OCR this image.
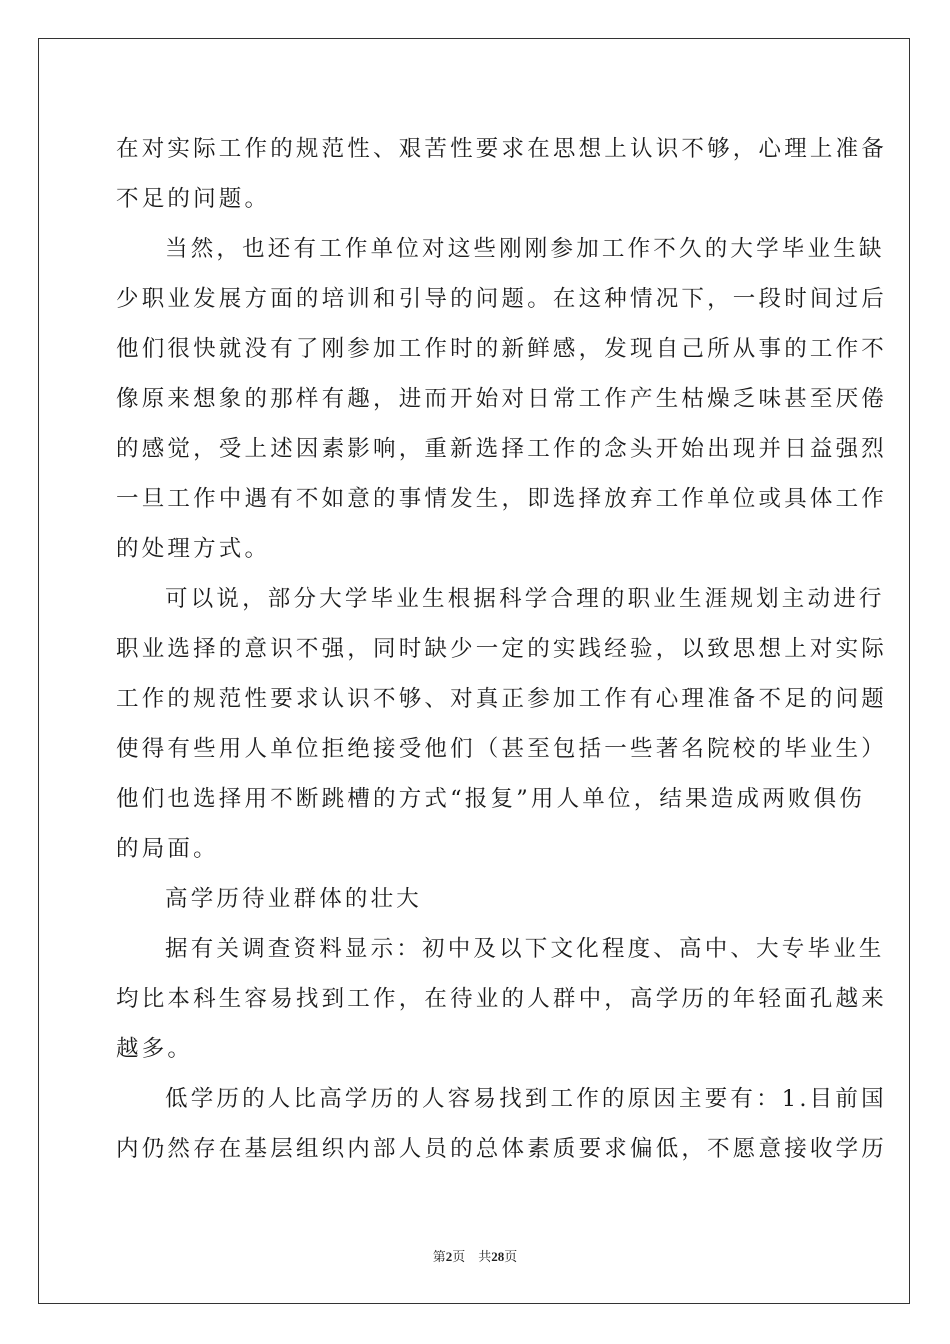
在对实际工作的规范性、艰苦性要求在思想上认识不够，心理上准备
不足的问题。
当然，也还有工作单位对这些刚刚参加工作不久的大学毕业生缺
少职业发展方面的培训和引导的问题。在这种情况下，一段时间过后
他们很快就没有了刚参加工作时的新鲜感，发现自己所从事的工作不
像原来想象的那样有趣，进而开始对日常工作产生枯燥乏味甚至厌倦
的感觉，受上述因素影响，重新选择工作的念头开始出现并日益强烈
一旦工作中遇有不如意的事情发生，即选择放弃工作单位或具体工作
的处理方式。
可以说，部分大学毕业生根据科学合理的职业生涯规划主动进行
职业选择的意识不强，同时缺少一定的实践经验，以致思想上对实际
工作的规范性要求认识不够、对真正参加工作有心理准备不足的问题
使得有些用人单位拒绝接受他们（甚至包括一些著名院校的毕业生）
他们也选择用不断跳槽的方式“报复”用人单位，结果造成两败俱伤
的局面。
高学历待业群体的壮大
据有关调查资料显示：初中及以下文化程度、高中、大专毕业生
均比本科生容易找到工作，在待业的人群中，高学历的年轻面孔越来
越多。
低学历的人比高学历的人容易找到工作的原因主要有：1.目前国
内仍然存在基层组织内部人员的总体素质要求偏低，不愿意接收学历
第2页 共28页
